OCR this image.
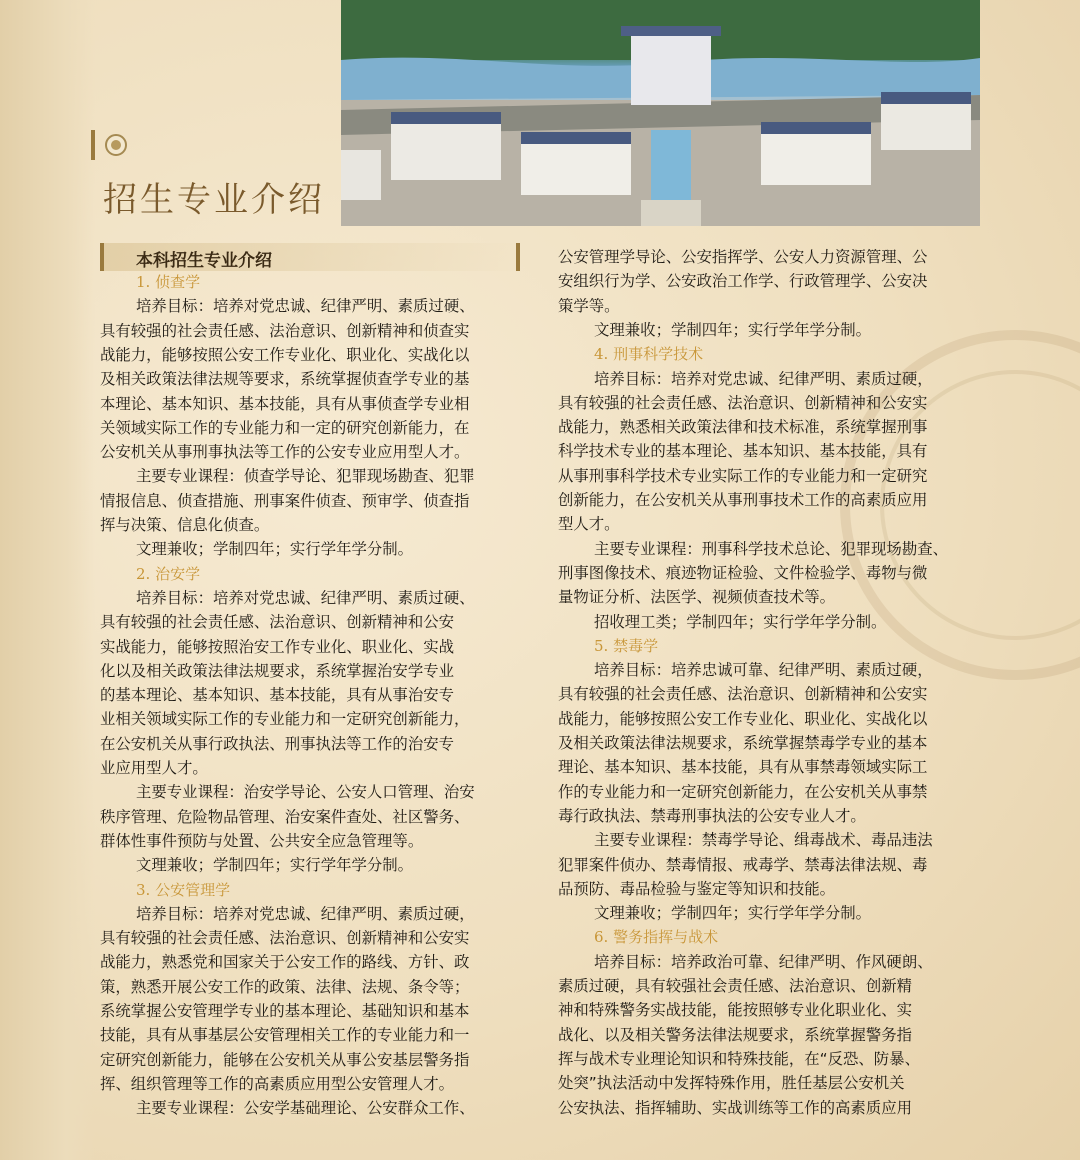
招生专业介绍
本科招生专业介绍
1. 侦查学
培养目标：培养对党忠诚、纪律严明、素质过硬、
具有较强的社会责任感、法治意识、创新精神和侦查实
战能力，能够按照公安工作专业化、职业化、实战化以
及相关政策法律法规等要求，系统掌握侦查学专业的基
本理论、基本知识、基本技能，具有从事侦查学专业相
关领域实际工作的专业能力和一定的研究创新能力，在
公安机关从事刑事执法等工作的公安专业应用型人才。
主要专业课程：侦查学导论、犯罪现场勘查、犯罪
情报信息、侦查措施、刑事案件侦查、预审学、侦查指
挥与决策、信息化侦查。
文理兼收；学制四年；实行学年学分制。
2. 治安学
培养目标：培养对党忠诚、纪律严明、素质过硬、
具有较强的社会责任感、法治意识、创新精神和公安
实战能力，能够按照治安工作专业化、职业化、实战
化以及相关政策法律法规要求，系统掌握治安学专业
的基本理论、基本知识、基本技能，具有从事治安专
业相关领域实际工作的专业能力和一定研究创新能力，
在公安机关从事行政执法、刑事执法等工作的治安专
业应用型人才。
主要专业课程：治安学导论、公安人口管理、治安
秩序管理、危险物品管理、治安案件查处、社区警务、
群体性事件预防与处置、公共安全应急管理等。
文理兼收；学制四年；实行学年学分制。
3. 公安管理学
培养目标：培养对党忠诚、纪律严明、素质过硬，
具有较强的社会责任感、法治意识、创新精神和公安实
战能力，熟悉党和国家关于公安工作的路线、方针、政
策，熟悉开展公安工作的政策、法律、法规、条令等；
系统掌握公安管理学专业的基本理论、基础知识和基本
技能，具有从事基层公安管理相关工作的专业能力和一
定研究创新能力，能够在公安机关从事公安基层警务指
挥、组织管理等工作的高素质应用型公安管理人才。
主要专业课程：公安学基础理论、公安群众工作、
公安管理学导论、公安指挥学、公安人力资源管理、公
安组织行为学、公安政治工作学、行政管理学、公安决
策学等。
文理兼收；学制四年；实行学年学分制。
4. 刑事科学技术
培养目标：培养对党忠诚、纪律严明、素质过硬，
具有较强的社会责任感、法治意识、创新精神和公安实
战能力，熟悉相关政策法律和技术标准，系统掌握刑事
科学技术专业的基本理论、基本知识、基本技能，具有
从事刑事科学技术专业实际工作的专业能力和一定研究
创新能力，在公安机关从事刑事技术工作的高素质应用
型人才。
主要专业课程：刑事科学技术总论、犯罪现场勘查、
刑事图像技术、痕迹物证检验、文件检验学、毒物与微
量物证分析、法医学、视频侦查技术等。
招收理工类；学制四年；实行学年学分制。
5. 禁毒学
培养目标：培养忠诚可靠、纪律严明、素质过硬，
具有较强的社会责任感、法治意识、创新精神和公安实
战能力，能够按照公安工作专业化、职业化、实战化以
及相关政策法律法规要求，系统掌握禁毒学专业的基本
理论、基本知识、基本技能，具有从事禁毒领域实际工
作的专业能力和一定研究创新能力，在公安机关从事禁
毒行政执法、禁毒刑事执法的公安专业人才。
主要专业课程：禁毒学导论、缉毒战术、毒品违法
犯罪案件侦办、禁毒情报、戒毒学、禁毒法律法规、毒
品预防、毒品检验与鉴定等知识和技能。
文理兼收；学制四年；实行学年学分制。
6. 警务指挥与战术
培养目标：培养政治可靠、纪律严明、作风硬朗、
素质过硬，具有较强社会责任感、法治意识、创新精
神和特殊警务实战技能，能按照够专业化职业化、实
战化、以及相关警务法律法规要求，系统掌握警务指
挥与战术专业理论知识和特殊技能，在“反恐、防暴、
处突”执法活动中发挥特殊作用，胜任基层公安机关
公安执法、指挥辅助、实战训练等工作的高素质应用
